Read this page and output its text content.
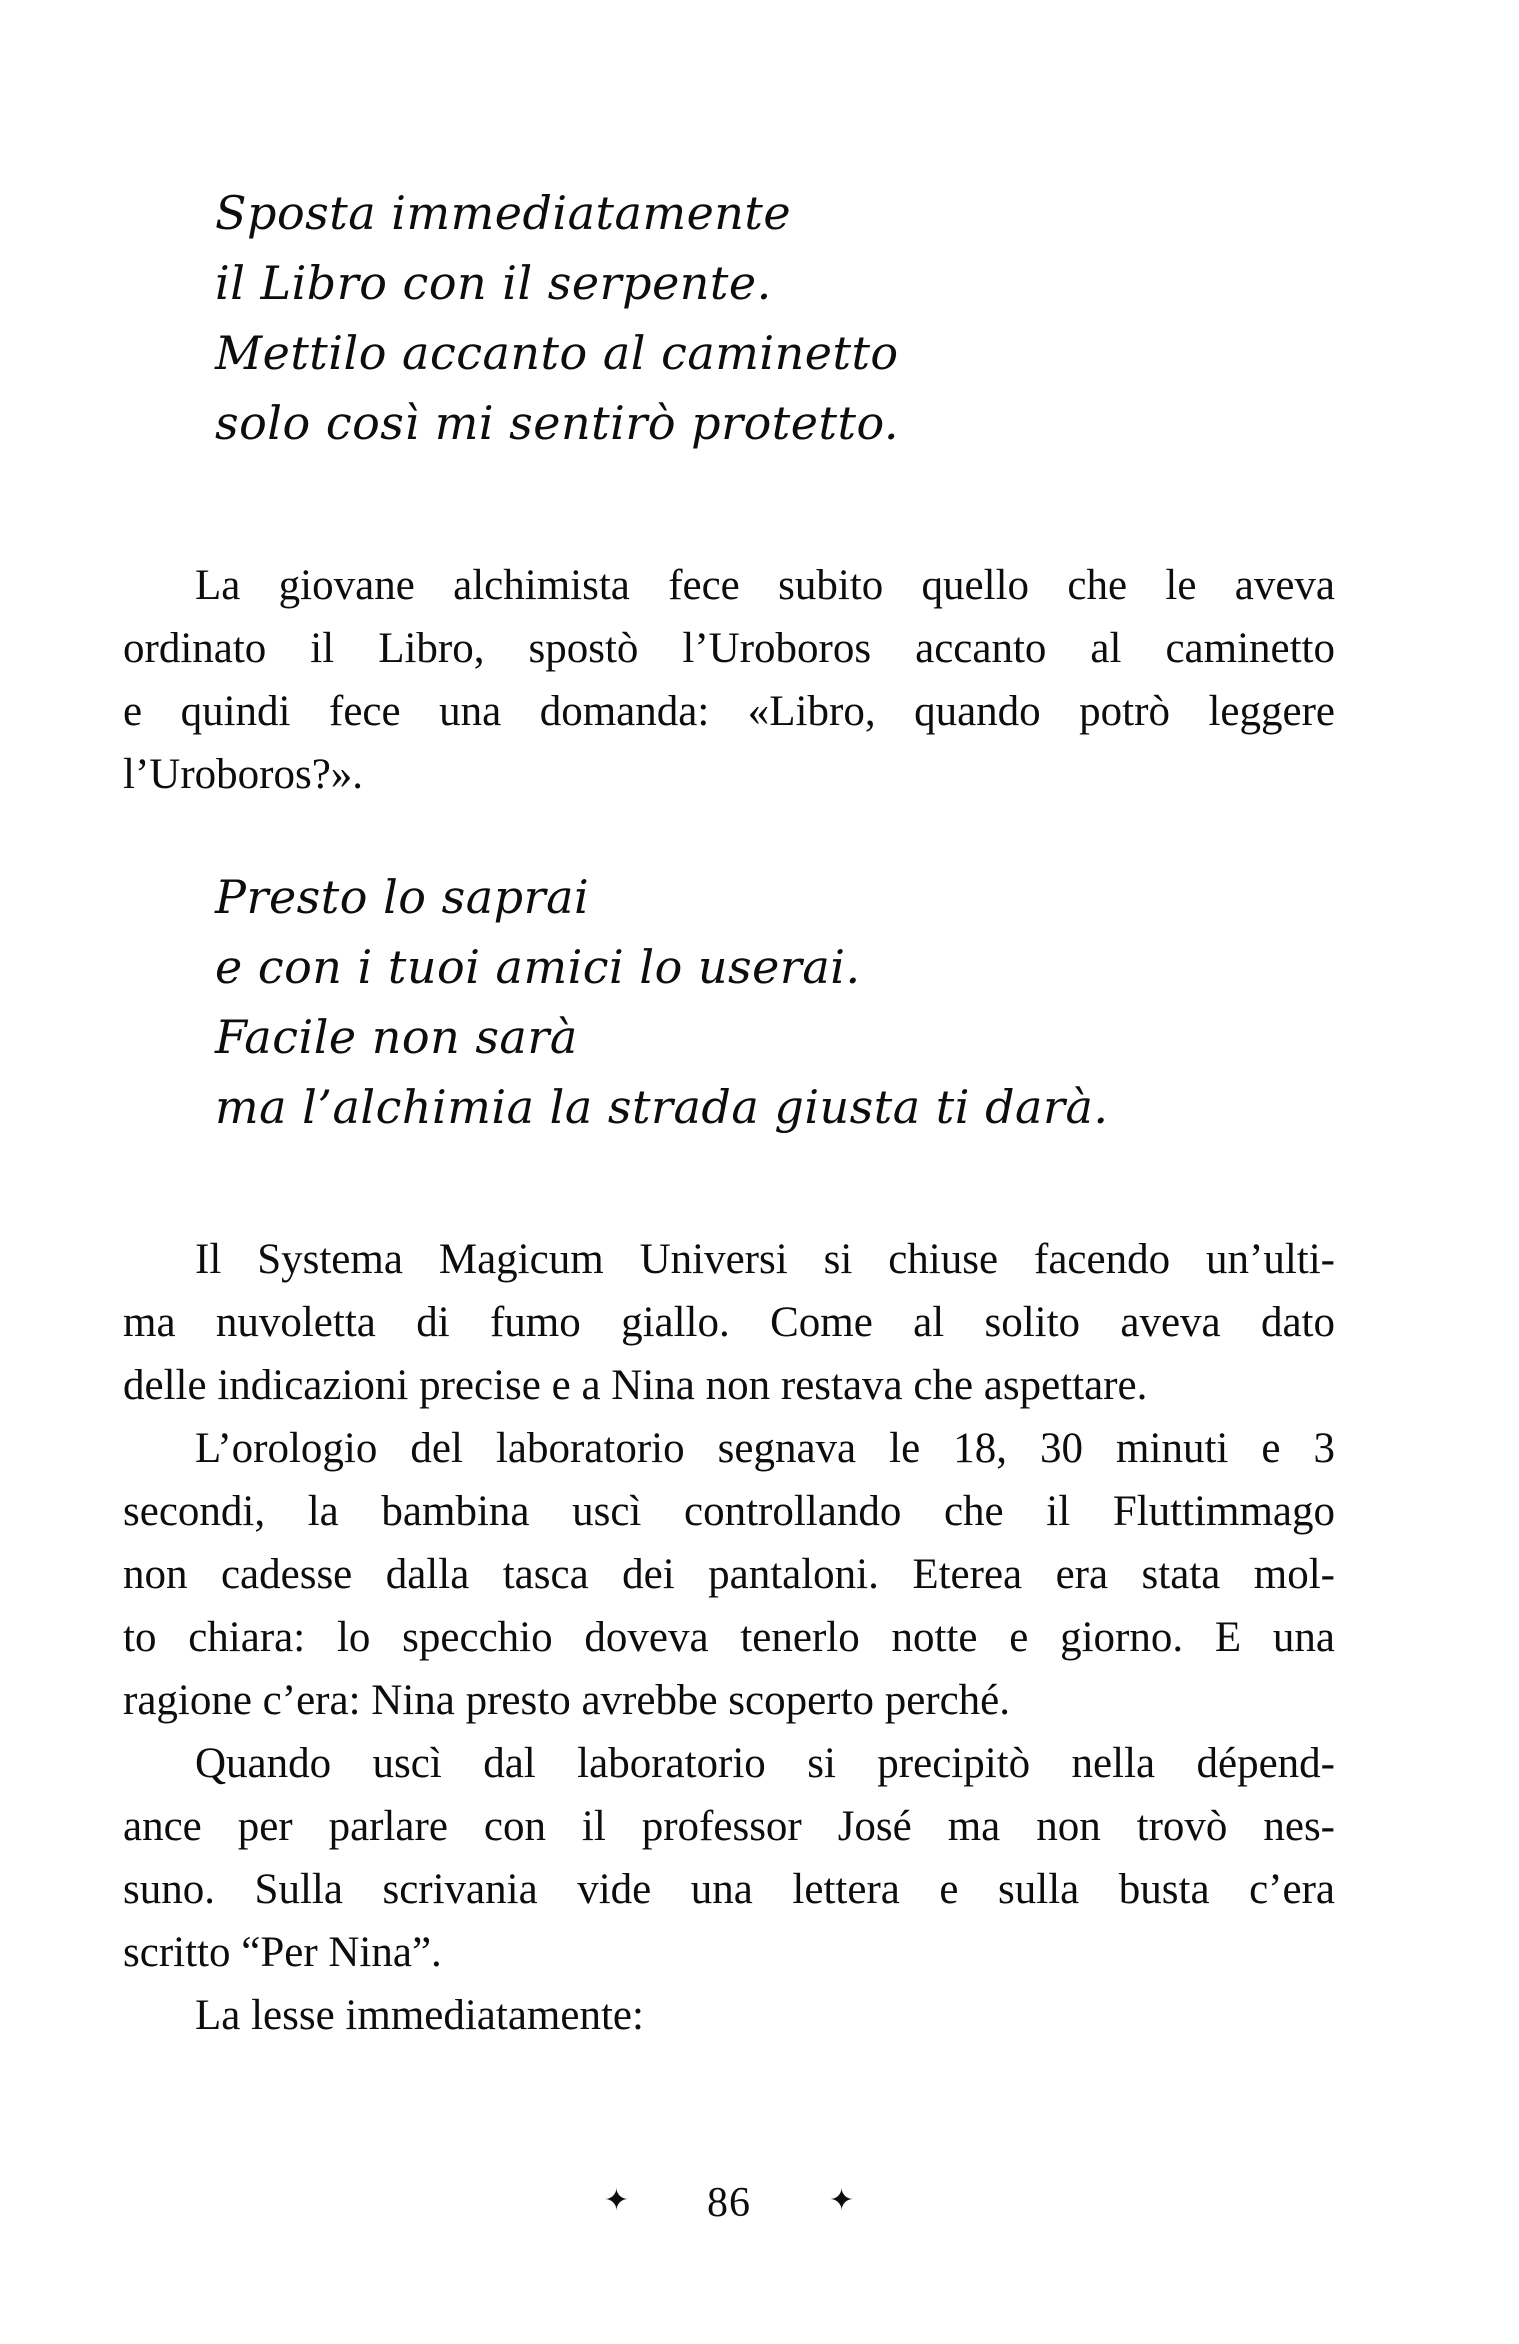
Sposta immediatamente
il Libro con il serpente.
Mettilo accanto al caminetto
solo così mi sentirò protetto.
La giovane alchimista fece subito quello che le aveva
ordinato il Libro, spostò l’Uroboros accanto al caminetto
e quindi fece una domanda: «Libro, quando potrò leggere
l’Uroboros?».
Presto lo saprai
e con i tuoi amici lo userai.
Facile non sarà
ma l’alchimia la strada giusta ti darà.
Il Systema Magicum Universi si chiuse facendo un’ulti-
ma nuvoletta di fumo giallo. Come al solito aveva dato
delle indicazioni precise e a Nina non restava che aspettare.
L’orologio del laboratorio segnava le 18, 30 minuti e 3
secondi, la bambina uscì controllando che il Fluttimmago
non cadesse dalla tasca dei pantaloni. Eterea era stata mol-
to chiara: lo specchio doveva tenerlo notte e giorno. E una
ragione c’era: Nina presto avrebbe scoperto perché.
Quando uscì dal laboratorio si precipitò nella dépend-
ance per parlare con il professor José ma non trovò nes-
suno. Sulla scrivania vide una lettera e sulla busta c’era
scritto “Per Nina”.
La lesse immediatamente:
✦ 86	✦
